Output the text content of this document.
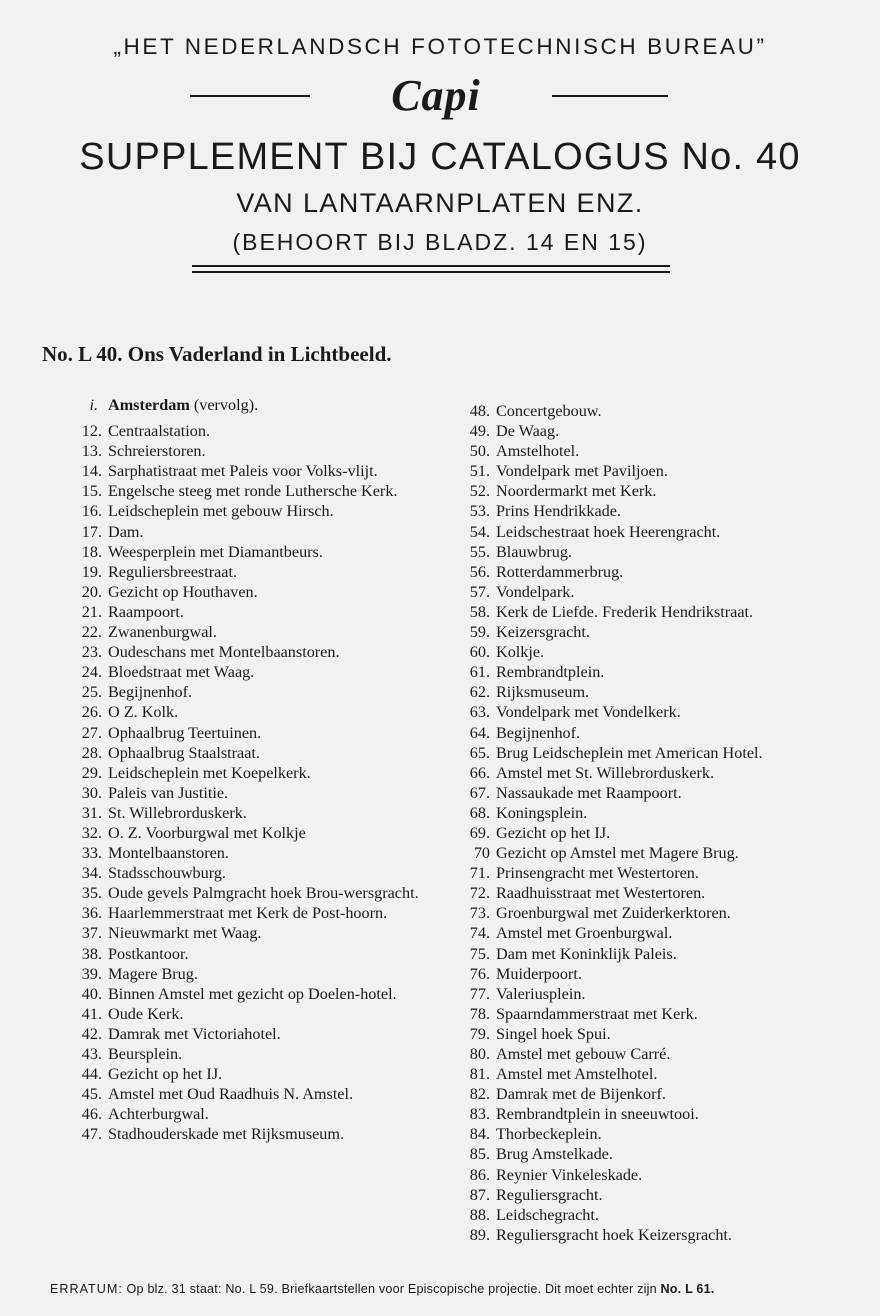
„HET NEDERLANDSCH FOTOTECHNISCH BUREAU”
Capi
SUPPLEMENT BIJ CATALOGUS No. 40
VAN LANTAARNPLATEN ENZ.
(BEHOORT BIJ BLADZ. 14 EN 15)
No. L 40. Ons Vaderland in Lichtbeeld.
i. Amsterdam (vervolg).
12. Centraalstation.
13. Schreierstoren.
14. Sarphatistraat met Paleis voor Volks-vlijt.
15. Engelsche steeg met ronde Luthersche Kerk.
16. Leidscheplein met gebouw Hirsch.
17. Dam.
18. Weesperplein met Diamantbeurs.
19. Reguliersbreestraat.
20. Gezicht op Houthaven.
21. Raampoort.
22. Zwanenburgwal.
23. Oudeschans met Montelbaanstoren.
24. Bloedstraat met Waag.
25. Begijnenhof.
26. O Z. Kolk.
27. Ophaalbrug Teertuinen.
28. Ophaalbrug Staalstraat.
29. Leidscheplein met Koepelkerk.
30. Paleis van Justitie.
31. St. Willebrorduskerk.
32. O. Z. Voorburgwal met Kolkje
33. Montelbaanstoren.
34. Stadsschouwburg.
35. Oude gevels Palmgracht hoek Brou-wersgracht.
36. Haarlemmerstraat met Kerk de Post-hoorn.
37. Nieuwmarkt met Waag.
38. Postkantoor.
39. Magere Brug.
40. Binnen Amstel met gezicht op Doelen-hotel.
41. Oude Kerk.
42. Damrak met Victoriahotel.
43. Beursplein.
44. Gezicht op het IJ.
45. Amstel met Oud Raadhuis N. Amstel.
46. Achterburgwal.
47. Stadhouderskade met Rijksmuseum.
48. Concertgebouw.
49. De Waag.
50. Amstelhotel.
51. Vondelpark met Paviljoen.
52. Noordermarkt met Kerk.
53. Prins Hendrikkade.
54. Leidschestraat hoek Heerengracht.
55. Blauwbrug.
56. Rotterdammerbrug.
57. Vondelpark.
58. Kerk de Liefde. Frederik Hendrikstraat.
59. Keizersgracht.
60. Kolkje.
61. Rembrandtplein.
62. Rijksmuseum.
63. Vondelpark met Vondelkerk.
64. Begijnenhof.
65. Brug Leidscheplein met American Hotel.
66. Amstel met St. Willebrorduskerk.
67. Nassaukade met Raampoort.
68. Koningsplein.
69. Gezicht op het IJ.
70 Gezicht op Amstel met Magere Brug.
71. Prinsengracht met Westertoren.
72. Raadhuisstraat met Westertoren.
73. Groenburgwal met Zuiderkerktoren.
74. Amstel met Groenburgwal.
75. Dam met Koninklijk Paleis.
76. Muiderpoort.
77. Valeriusplein.
78. Spaarndammerstraat met Kerk.
79. Singel hoek Spui.
80. Amstel met gebouw Carré.
81. Amstel met Amstelhotel.
82. Damrak met de Bijenkorf.
83. Rembrandtplein in sneeuwtooi.
84. Thorbeckeplein.
85. Brug Amstelkade.
86. Reynier Vinkeleskade.
87. Reguliersgracht.
88. Leidschegracht.
89. Reguliersgracht hoek Keizersgracht.
ERRATUM: Op blz. 31 staat: No. L 59. Briefkaartstellen voor Episcopische projectie. Dit moet echter zijn No. L 61.
